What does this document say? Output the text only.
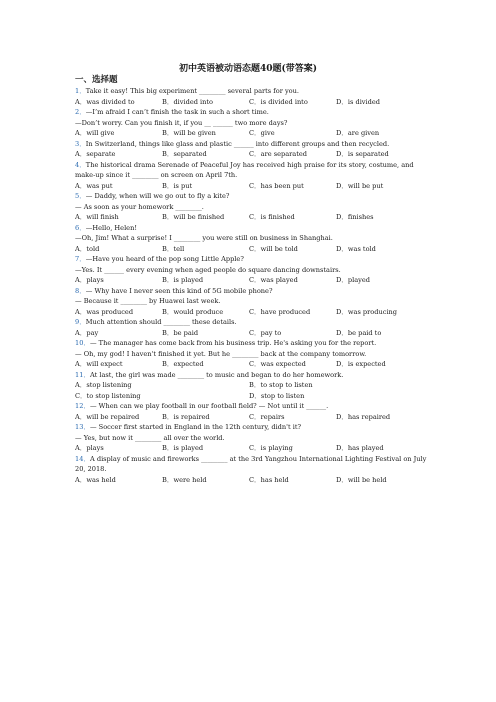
初中英语被动语态题40题(带答案)
一、选择题
1．Take it easy! This big experiment ________ several parts for you.
A．was divided to	B．divided into	C．is divided into	D．is divided
2．—I’m afraid I can’t finish the task in such a short time.
—Don’t worry. Can you finish it, if you __ ______ two more days?
A．will give	B．will be given	C．give	D．are given
3．In Switzerland, things like glass and plastic ______ into different groups and then recycled.
A．separate	B．separated	C．are separated	D．is separated
4．The historical drama Serenade of Peaceful Joy has received high praise for its story, costume, and make-up since it ________ on screen on April 7th.
A．was put	B．is put	C．has been put	D．will be put
5．— Daddy, when will we go out to fly a kite?
— As soon as your homework ________.
A．will finish	B．will be finished	C．is finished	D．finishes
6．—Hello, Helen!
—Oh, Jim! What a surprise! I ________ you were still on business in Shanghai.
A．told	B．tell	C．will be told	D．was told
7．—Have you heard of the pop song Little Apple?
—Yes. It ______ every evening when aged people do square dancing downstairs.
A．plays	B．is played	C．was played	D．played
8．— Why have I never seen this kind of 5G mobile phone?
— Because it ________ by Huawei last week.
A．was produced	B．would produce	C．have produced	D．was producing
9．Much attention should ________ these details.
A．pay	B．be paid	C．pay to	D．be paid to
10．— The manager has come back from his business trip. He's asking you for the report.
— Oh, my god! I haven't finished it yet. But he ________ back at the company tomorrow.
A．will expect	B．expected	C．was expected	D．is expected
11．At last, the girl was made ________ to music and began to do her homework.
A．stop listening	B．to stop to listen
C．to stop listening	D．stop to listen
12．— When can we play football in our football field? — Not until it ______.
A．will be repaired	B．is repaired	C．repairs	D．has repaired
13．— Soccer first started in England in the 12th century, didn't it?
— Yes, but now it ________ all over the world.
A．plays	B．is played	C．is playing	D．has played
14．A display of music and fireworks ________ at the 3rd Yangzhou International Lighting Festival on July 20, 2018.
A．was held	B．were held	C．has held	D．will be held
